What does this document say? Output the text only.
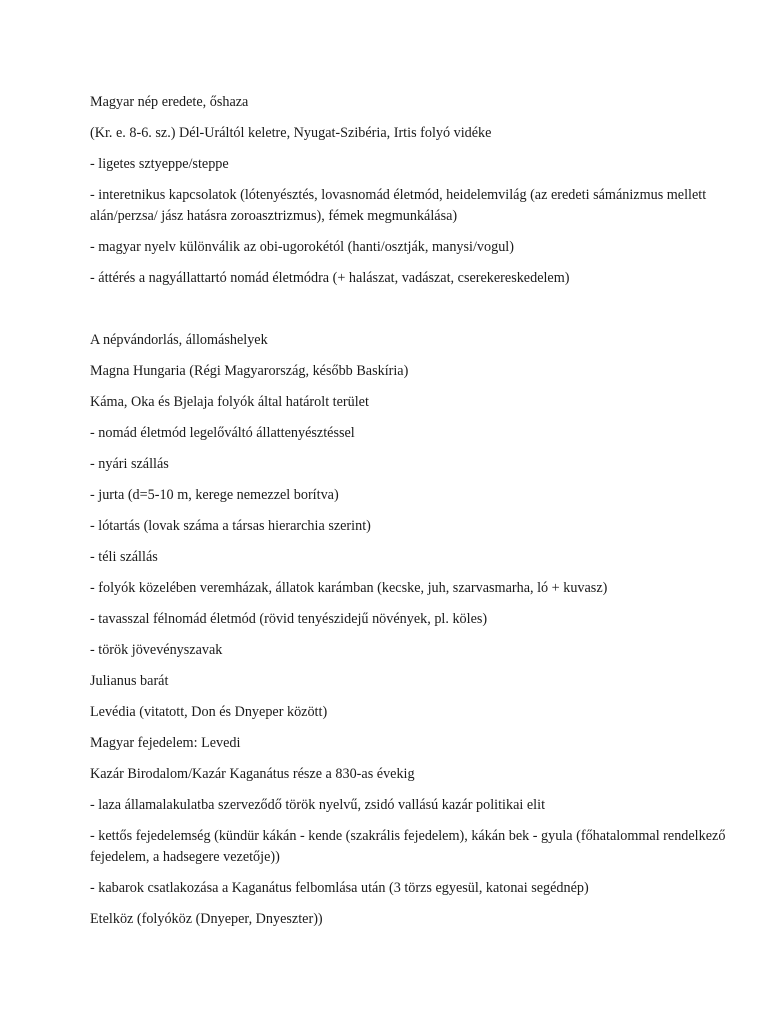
Magyar nép eredete, őshaza

(Kr. e. 8-6. sz.) Dél-Uráltól keletre, Nyugat-Szibéria, Irtis folyó vidéke

- ligetes sztyeppe/steppe

- interetnikus kapcsolatok (lótenyésztés, lovasnomád életmód, heidelemvilág (az eredeti sámánizmus mellett alán/perzsa/ jász hatásra zoroasztrizmus), fémek megmunkálása)

- magyar nyelv különválik az obi-ugorokétól (hanti/osztják, manysi/vogul)

- áttérés a nagyállattartó nomád életmódra (+ halászat, vadászat, cserekereskedelem)

A népvándorlás, állomáshelyek

Magna Hungaria (Régi Magyarország, később Baskíria)

Káma, Oka és Bjelaja folyók által határolt terület

- nomád életmód legelőváltó állattenyésztéssel

- nyári szállás

- jurta (d=5-10 m, kerege nemezzel borítva)

- lótartás (lovak száma a társas hierarchia szerint)

- téli szállás

- folyók közelében veremházak, állatok karámban (kecske, juh, szarvasmarha, ló + kuvasz)

- tavasszal félnomád életmód (rövid tenyészidejű növények, pl. köles)

- török jövevényszavak

Julianus barát

Levédia (vitatott, Don és Dnyeper között)

Magyar fejedelem: Levedi

Kazár Birodalom/Kazár Kaganátus része a 830-as évekig

- laza államalakulatba szerveződő török nyelvű, zsidó vallású kazár politikai elit

- kettős fejedelemség (kündür kákán - kende (szakrális fejedelem), kákán bek - gyula (főhatalommal rendelkező fejedelem, a hadsegere vezetője))

- kabarok csatlakozása a Kaganátus felbomlása után (3 törzs egyesül, katonai segédnép)

Etelköz (folyóköz (Dnyeper, Dnyeszter))
